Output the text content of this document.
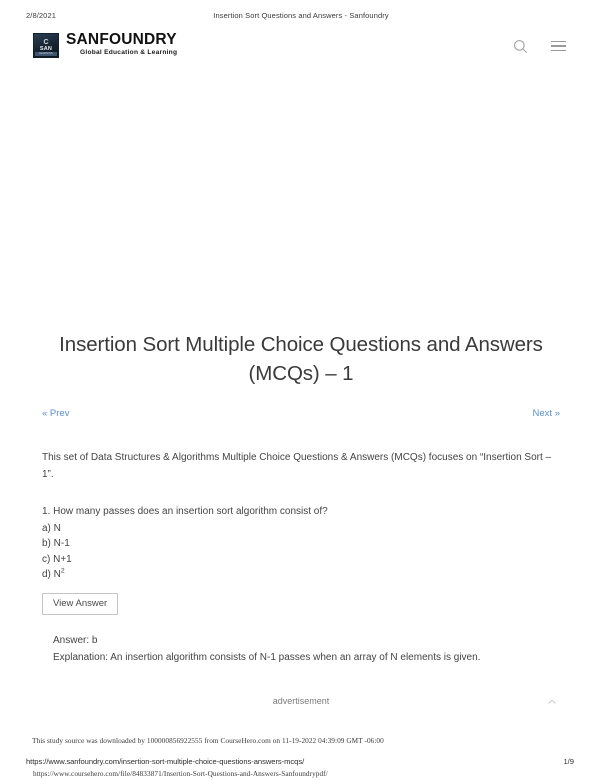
2/8/2021	Insertion Sort Questions and Answers - Sanfoundry
C
SAN
LEARNING
SANFOUNDRY
Global Education & Learning
Insertion Sort Multiple Choice Questions and Answers (MCQs) – 1
« Prev	Next »

This set of Data Structures & Algorithms Multiple Choice Questions & Answers (MCQs) focuses on “Insertion Sort – 1”.

1. How many passes does an insertion sort algorithm consist of?
a) N
b) N-1
c) N+1
d) $N^2$
View Answer
Answer: b
Explanation: An insertion algorithm consists of N-1 passes when an array of N elements is given.
advertisement
This study source was downloaded by 100000856922555 from CourseHero.com on 11-19-2022 04:39:09 GMT -06:00
https://www.sanfoundry.com/insertion-sort-multiple-choice-questions-answers-mcqs/	1/9
https://www.coursehero.com/file/84833871/Insertion-Sort-Questions-and-Answers-Sanfoundrypdf/
